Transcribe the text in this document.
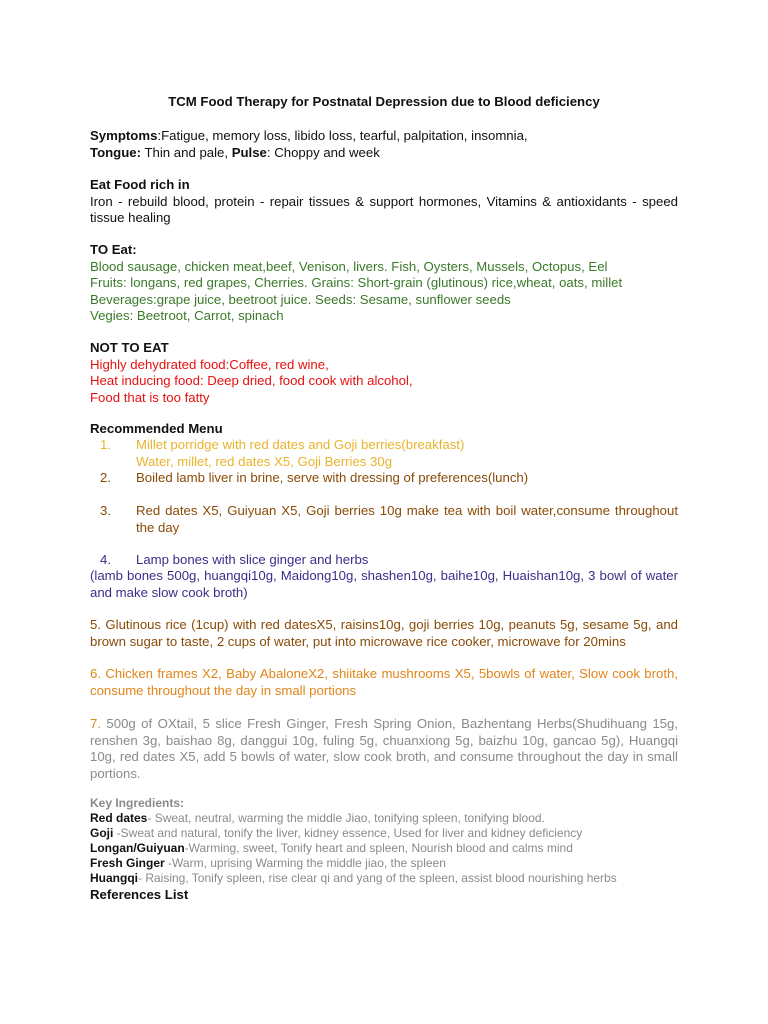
TCM Food Therapy for Postnatal Depression due to Blood deficiency
Symptoms:Fatigue, memory loss, libido loss, tearful, palpitation, insomnia,
Tongue: Thin and pale, Pulse: Choppy and week
Eat Food rich in
Iron - rebuild blood, protein - repair tissues & support hormones, Vitamins & antioxidants - speed tissue healing
TO Eat:
Blood sausage, chicken meat,beef, Venison, livers. Fish, Oysters, Mussels, Octopus, Eel
Fruits: longans, red grapes, Cherries. Grains: Short-grain (glutinous) rice,wheat, oats, millet
Beverages:grape juice, beetroot juice. Seeds: Sesame, sunflower seeds
Vegies: Beetroot, Carrot, spinach
NOT TO EAT
Highly dehydrated food:Coffee, red wine,
Heat inducing food: Deep dried, food cook with alcohol,
Food that is too fatty
Recommended Menu
1. Millet porridge with red dates and Goji berries(breakfast)
Water, millet, red dates X5, Goji Berries 30g
2. Boiled lamb liver in brine, serve with dressing of preferences(lunch)
3. Red dates X5, Guiyuan X5, Goji berries 10g make tea with boil water,consume throughout the day
4. Lamp bones with slice ginger and herbs
(lamb bones 500g, huangqi10g, Maidong10g, shashen10g, baihe10g, Huaishan10g, 3 bowl of water and make slow cook broth)
5. Glutinous rice (1cup) with red datesX5, raisins10g, goji berries 10g, peanuts 5g, sesame 5g, and brown sugar to taste, 2 cups of water, put into microwave rice cooker, microwave for 20mins
6. Chicken frames X2, Baby AbaloneX2, shiitake mushrooms X5, 5bowls of water, Slow cook broth, consume throughout the day in small portions
7. 500g of OXtail, 5 slice Fresh Ginger, Fresh Spring Onion, Bazhentang Herbs(Shudihuang 15g, renshen 3g, baishao 8g, danggui 10g, fuling 5g, chuanxiong 5g, baizhu 10g, gancao 5g), Huangqi 10g, red dates X5, add 5 bowls of water, slow cook broth, and consume throughout the day in small portions.
Key Ingredients:
Red dates- Sweat, neutral, warming the middle Jiao, tonifying spleen, tonifying blood.
Goji -Sweat and natural, tonify the liver, kidney essence, Used for liver and kidney deficiency
Longan/Guiyuan-Warming, sweet, Tonify heart and spleen, Nourish blood and calms mind
Fresh Ginger -Warm, uprising Warming the middle jiao, the spleen
Huangqi- Raising, Tonify spleen, rise clear qi and yang of the spleen, assist blood nourishing herbs
References List
